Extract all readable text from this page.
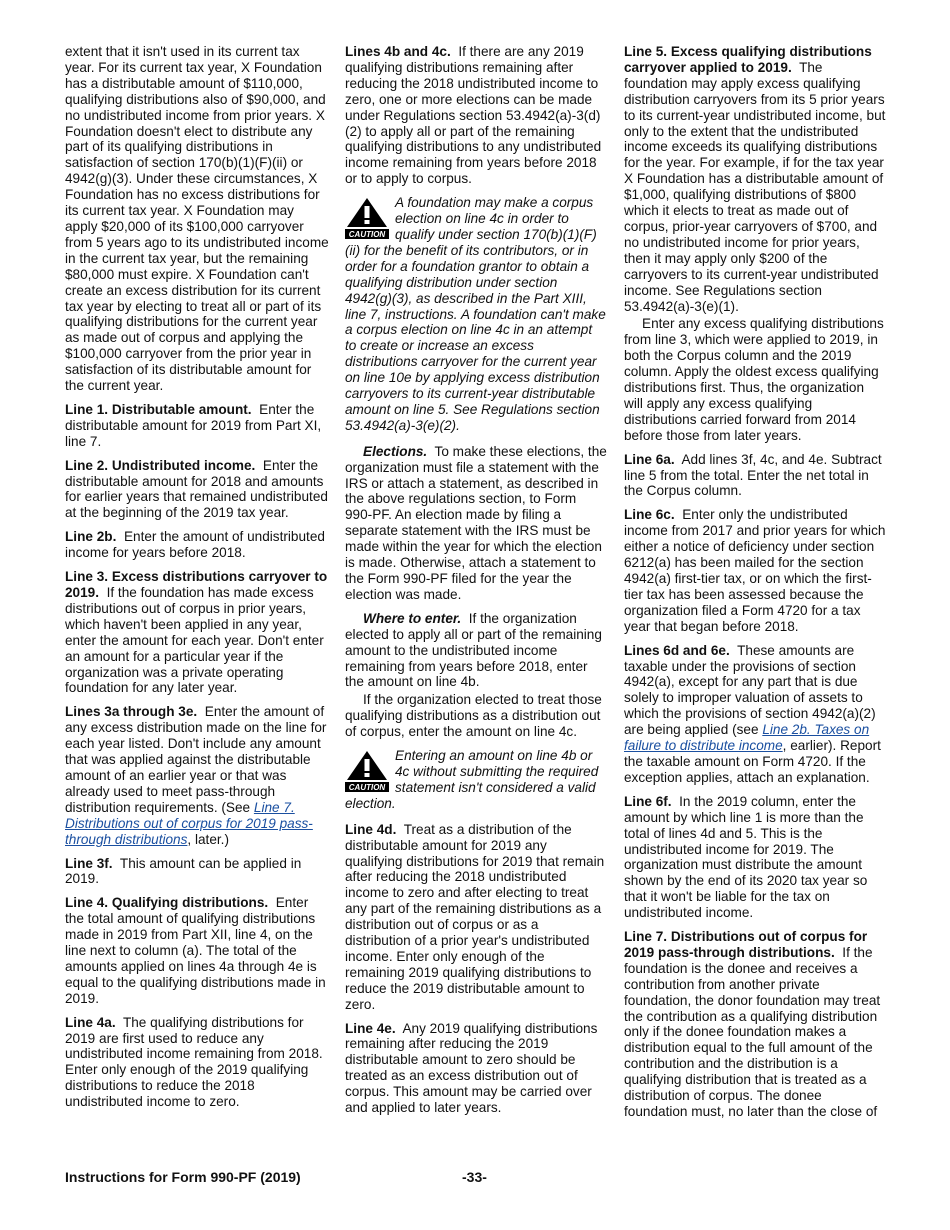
extent that it isn't used in its current tax year. For its current tax year, X Foundation has a distributable amount of $110,000, qualifying distributions also of $90,000, and no undistributed income from prior years. X Foundation doesn't elect to distribute any part of its qualifying distributions in satisfaction of section 170(b)(1)(F)(ii) or 4942(g)(3). Under these circumstances, X Foundation has no excess distributions for its current tax year. X Foundation may apply $20,000 of its $100,000 carryover from 5 years ago to its undistributed income in the current tax year, but the remaining $80,000 must expire. X Foundation can't create an excess distribution for its current tax year by electing to treat all or part of its qualifying distributions for the current year as made out of corpus and applying the $100,000 carryover from the prior year in satisfaction of its distributable amount for the current year.

Line 1. Distributable amount. Enter the distributable amount for 2019 from Part XI, line 7.

Line 2. Undistributed income. Enter the distributable amount for 2018 and amounts for earlier years that remained undistributed at the beginning of the 2019 tax year.

Line 2b. Enter the amount of undistributed income for years before 2018.

Line 3. Excess distributions carryover to 2019. If the foundation has made excess distributions out of corpus in prior years, which haven't been applied in any year, enter the amount for each year. Don't enter an amount for a particular year if the organization was a private operating foundation for any later year.

Lines 3a through 3e. Enter the amount of any excess distribution made on the line for each year listed. Don't include any amount that was applied against the distributable amount of an earlier year or that was already used to meet pass-through distribution requirements. (See Line 7. Distributions out of corpus for 2019 pass-through distributions, later.)

Line 3f. This amount can be applied in 2019.

Line 4. Qualifying distributions. Enter the total amount of qualifying distributions made in 2019 from Part XII, line 4, on the line next to column (a). The total of the amounts applied on lines 4a through 4e is equal to the qualifying distributions made in 2019.

Line 4a. The qualifying distributions for 2019 are first used to reduce any undistributed income remaining from 2018. Enter only enough of the 2019 qualifying distributions to reduce the 2018 undistributed income to zero.

Lines 4b and 4c. If there are any 2019 qualifying distributions remaining after reducing the 2018 undistributed income to zero, one or more elections can be made under Regulations section 53.4942(a)-3(d)(2) to apply all or part of the remaining qualifying distributions to any undistributed income remaining from years before 2018 or to apply to corpus.

CAUTION
A foundation may make a corpus election on line 4c in order to qualify under section 170(b)(1)(F)(ii) for the benefit of its contributors, or in order for a foundation grantor to obtain a qualifying distribution under section 4942(g)(3), as described in the Part XIII, line 7, instructions. A foundation can't make a corpus election on line 4c in an attempt to create or increase an excess distributions carryover for the current year on line 10e by applying excess distribution carryovers to its current-year distributable amount on line 5. See Regulations section 53.4942(a)-3(e)(2).

Elections. To make these elections, the organization must file a statement with the IRS or attach a statement, as described in the above regulations section, to Form 990-PF. An election made by filing a separate statement with the IRS must be made within the year for which the election is made. Otherwise, attach a statement to the Form 990-PF filed for the year the election was made.

Where to enter. If the organization elected to apply all or part of the remaining amount to the undistributed income remaining from years before 2018, enter the amount on line 4b.

If the organization elected to treat those qualifying distributions as a distribution out of corpus, enter the amount on line 4c.

CAUTION
Entering an amount on line 4b or 4c without submitting the required statement isn't considered a valid election.

Line 4d. Treat as a distribution of the distributable amount for 2019 any qualifying distributions for 2019 that remain after reducing the 2018 undistributed income to zero and after electing to treat any part of the remaining distributions as a distribution out of corpus or as a distribution of a prior year's undistributed income. Enter only enough of the remaining 2019 qualifying distributions to reduce the 2019 distributable amount to zero.

Line 4e. Any 2019 qualifying distributions remaining after reducing the 2019 distributable amount to zero should be treated as an excess distribution out of corpus. This amount may be carried over and applied to later years.

Line 5. Excess qualifying distributions carryover applied to 2019. The foundation may apply excess qualifying distribution carryovers from its 5 prior years to its current-year undistributed income, but only to the extent that the undistributed income exceeds its qualifying distributions for the year. For example, if for the tax year X Foundation has a distributable amount of $1,000, qualifying distributions of $800 which it elects to treat as made out of corpus, prior-year carryovers of $700, and no undistributed income for prior years, then it may apply only $200 of the carryovers to its current-year undistributed income. See Regulations section 53.4942(a)-3(e)(1).

Enter any excess qualifying distributions from line 3, which were applied to 2019, in both the Corpus column and the 2019 column. Apply the oldest excess qualifying distributions first. Thus, the organization will apply any excess qualifying distributions carried forward from 2014 before those from later years.

Line 6a. Add lines 3f, 4c, and 4e. Subtract line 5 from the total. Enter the net total in the Corpus column.

Line 6c. Enter only the undistributed income from 2017 and prior years for which either a notice of deficiency under section 6212(a) has been mailed for the section 4942(a) first-tier tax, or on which the first-tier tax has been assessed because the organization filed a Form 4720 for a tax year that began before 2018.

Lines 6d and 6e. These amounts are taxable under the provisions of section 4942(a), except for any part that is due solely to improper valuation of assets to which the provisions of section 4942(a)(2) are being applied (see Line 2b. Taxes on failure to distribute income, earlier). Report the taxable amount on Form 4720. If the exception applies, attach an explanation.

Line 6f. In the 2019 column, enter the amount by which line 1 is more than the total of lines 4d and 5. This is the undistributed income for 2019. The organization must distribute the amount shown by the end of its 2020 tax year so that it won't be liable for the tax on undistributed income.

Line 7. Distributions out of corpus for 2019 pass-through distributions. If the foundation is the donee and receives a contribution from another private foundation, the donor foundation may treat the contribution as a qualifying distribution only if the donee foundation makes a distribution equal to the full amount of the contribution and the distribution is a qualifying distribution that is treated as a distribution of corpus. The donee foundation must, no later than the close of

Instructions for Form 990-PF (2019)	-33-
